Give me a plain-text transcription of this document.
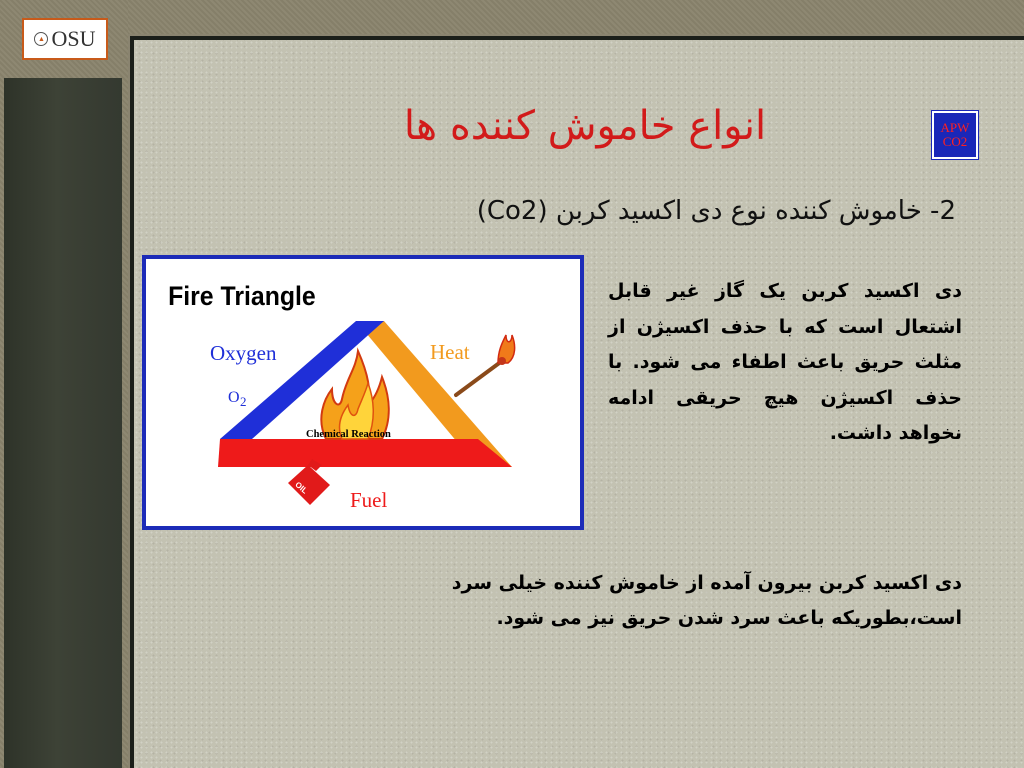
▲ OSU
انواع خاموش کننده ها	APW
CO2
2- خاموش کننده نوع دی اکسید کربن (Co2)
Fire Triangle
Chemical Reaction
Oxygen
O 2
Heat
OIL
Fuel
دی اکسید کربن یک گاز غیر قابل اشتعال است که با حذف اکسیژن از مثلث حریق باعث اطفاء می شود. با حذف اکسیژن هیچ حریقی ادامه نخواهد داشت.
دی اکسید کربن بیرون آمده از خاموش کننده خیلی سرد است،بطوریکه باعث سرد شدن حریق نیز می شود.
